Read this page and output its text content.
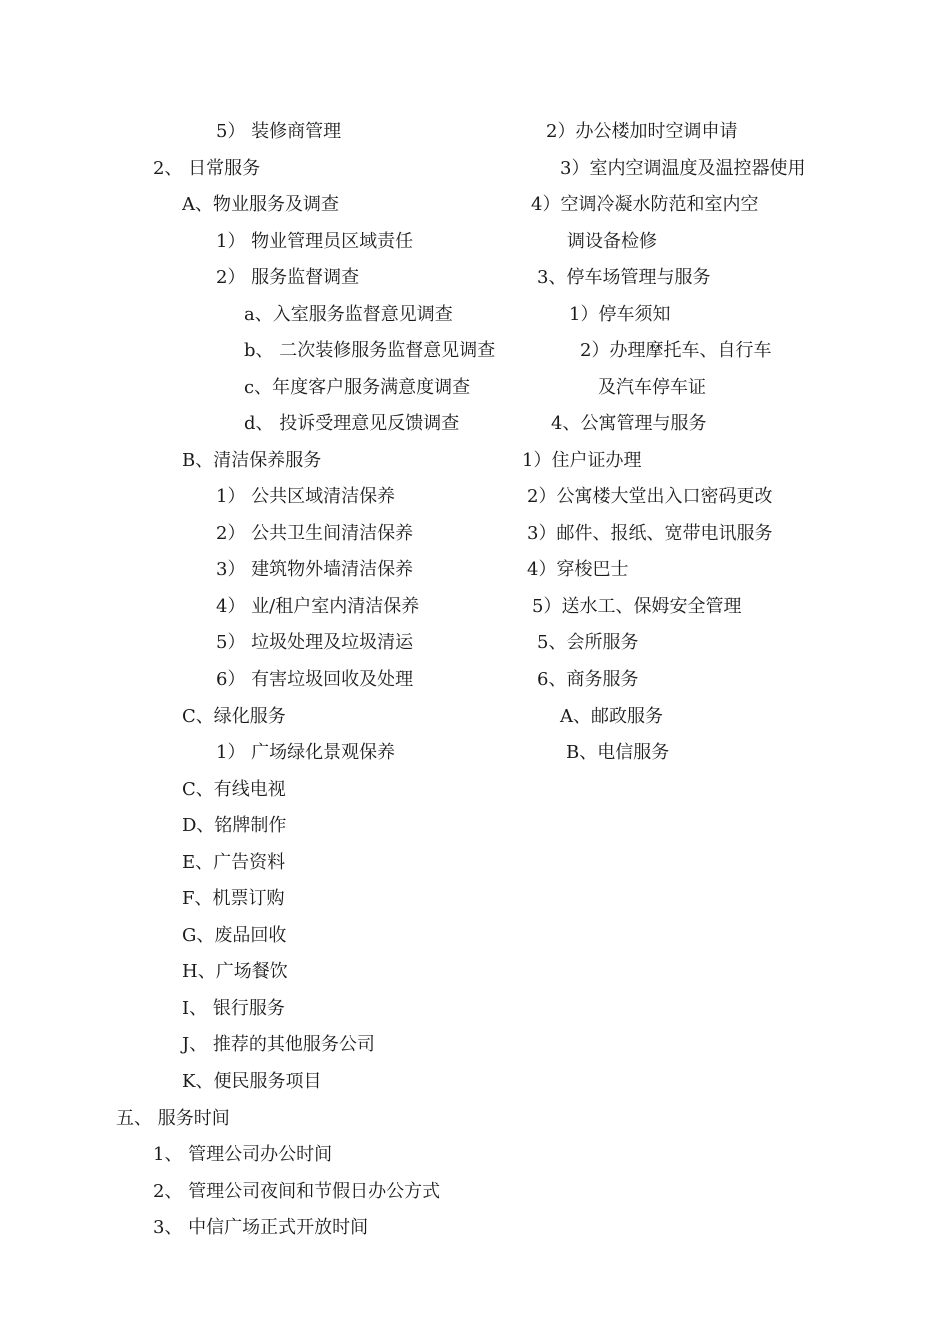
5） 装修商管理
2、 日常服务
A、物业服务及调查
1） 物业管理员区域责任
2） 服务监督调查
a、入室服务监督意见调查
b、 二次装修服务监督意见调查
c、年度客户服务满意度调查
d、 投诉受理意见反馈调查
B、清洁保养服务
1） 公共区域清洁保养
2） 公共卫生间清洁保养
3） 建筑物外墙清洁保养
4） 业/租户室内清洁保养
5） 垃圾处理及垃圾清运
6） 有害垃圾回收及处理
C、绿化服务
1） 广场绿化景观保养
C、有线电视
D、铭牌制作
E、广告资料
F、机票订购
G、废品回收
H、广场餐饮
I、 银行服务
J、 推荐的其他服务公司
K、便民服务项目
五、 服务时间
1、 管理公司办公时间
2、 管理公司夜间和节假日办公方式
3、 中信广场正式开放时间
2）办公楼加时空调申请
3）室内空调温度及温控器使用
4）空调冷凝水防范和室内空
调设备检修
3、停车场管理与服务
1）停车须知
2）办理摩托车、自行车
及汽车停车证
4、公寓管理与服务
1）住户证办理
2）公寓楼大堂出入口密码更改
3）邮件、报纸、宽带电讯服务
4）穿梭巴士
5）送水工、保姆安全管理
5、会所服务
6、商务服务
A、邮政服务
B、电信服务
